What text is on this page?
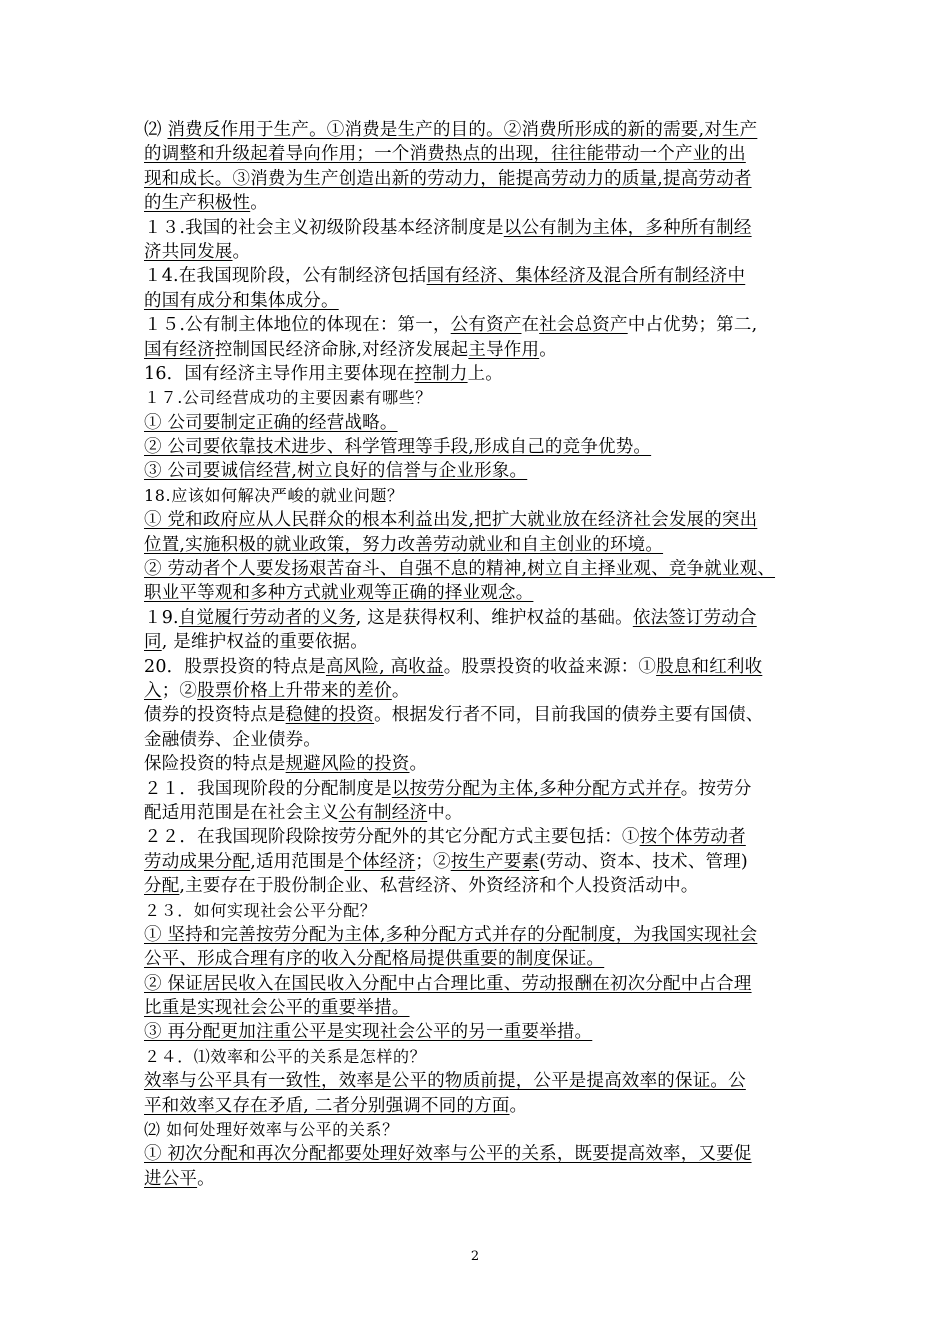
⑵ 消费反作用于生产。①消费是生产的目的。②消费所形成的新的需要,对生产
的调整和升级起着导向作用；一个消费热点的出现，往往能带动一个产业的出
现和成长。③消费为生产创造出新的劳动力，能提高劳动力的质量,提高劳动者
的生产积极性。
１３.我国的社会主义初级阶段基本经济制度是以公有制为主体，多种所有制经
济共同发展。
１4.在我国现阶段，公有制经济包括国有经济、集体经济及混合所有制经济中
的国有成分和集体成分。
１５.公有制主体地位的体现在：第一，公有资产在社会总资产中占优势；第二,
国有经济控制国民经济命脉,对经济发展起主导作用。
16．国有经济主导作用主要体现在控制力上。
１７.公司经营成功的主要因素有哪些？
① 公司要制定正确的经营战略。
② 公司要依靠技术进步、科学管理等手段,形成自己的竞争优势。
③ 公司要诚信经营,树立良好的信誉与企业形象。
18.应该如何解决严峻的就业问题？
① 党和政府应从人民群众的根本利益出发,把扩大就业放在经济社会发展的突出
位置,实施积极的就业政策，努力改善劳动就业和自主创业的环境。
② 劳动者个人要发扬艰苦奋斗、自强不息的精神,树立自主择业观、竞争就业观、
职业平等观和多种方式就业观等正确的择业观念。
１9.自觉履行劳动者的义务, 这是获得权利、维护权益的基础。依法签订劳动合
同, 是维护权益的重要依据。
20．股票投资的特点是高风险, 高收益。股票投资的收益来源：①股息和红利收
入；②股票价格上升带来的差价。
债券的投资特点是稳健的投资。根据发行者不同，目前我国的债券主要有国债、
金融债券、企业债券。
保险投资的特点是规避风险的投资。
２１．我国现阶段的分配制度是以按劳分配为主体,多种分配方式并存。按劳分
配适用范围是在社会主义公有制经济中。
２２．在我国现阶段除按劳分配外的其它分配方式主要包括：①按个体劳动者
劳动成果分配,适用范围是个体经济；②按生产要素(劳动、资本、技术、管理)
分配,主要存在于股份制企业、私营经济、外资经济和个人投资活动中。
２３．如何实现社会公平分配？
① 坚持和完善按劳分配为主体,多种分配方式并存的分配制度，为我国实现社会
公平、形成合理有序的收入分配格局提供重要的制度保证。
② 保证居民收入在国民收入分配中占合理比重、劳动报酬在初次分配中占合理
比重是实现社会公平的重要举措。
③ 再分配更加注重公平是实现社会公平的另一重要举措。
２４．⑴效率和公平的关系是怎样的？
效率与公平具有一致性，效率是公平的物质前提，公平是提高效率的保证。公
平和效率又存在矛盾, 二者分别强调不同的方面。
⑵ 如何处理好效率与公平的关系？
① 初次分配和再次分配都要处理好效率与公平的关系，既要提高效率，又要促
进公平。
2
